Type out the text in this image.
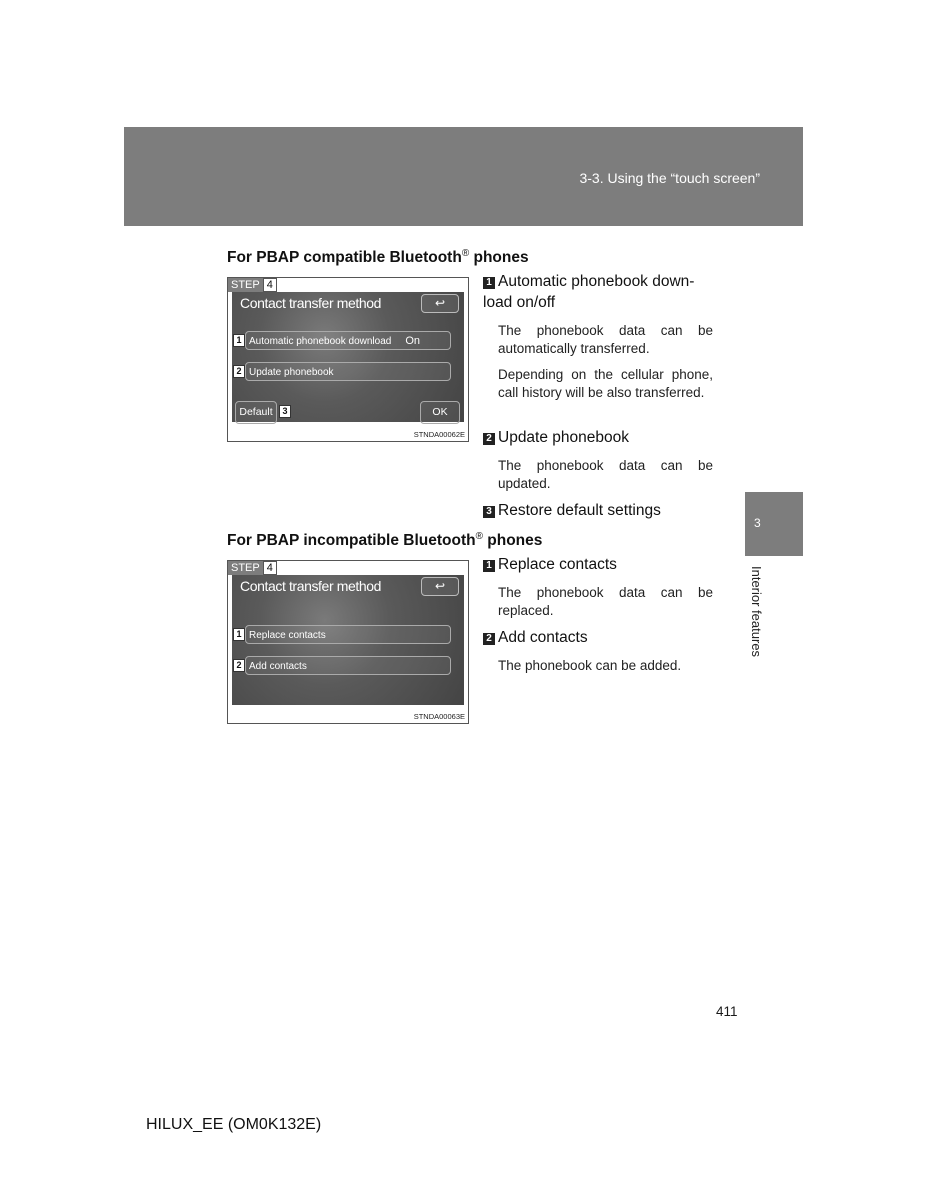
3-3. Using the “touch screen”
3
Interior features
For PBAP compatible Bluetooth® phones
STEP 4
Contact transfer method	↩
Automatic phonebook download On
Update phonebook
Default	OK
1
2
3
STNDA00062E
1 Automatic phonebook down-
load on/off
The phonebook data can be automatically transferred.
Depending on the cellular phone, call history will be also transferred.
2 Update phonebook
The phonebook data can be updated.
3 Restore default settings
For PBAP incompatible Bluetooth® phones
STEP 4
Contact transfer method	↩
Replace contacts
Add contacts
1
2
STNDA00063E
1 Replace contacts
The phonebook data can be replaced.
2 Add contacts
The phonebook can be added.
411
HILUX_EE (OM0K132E)
